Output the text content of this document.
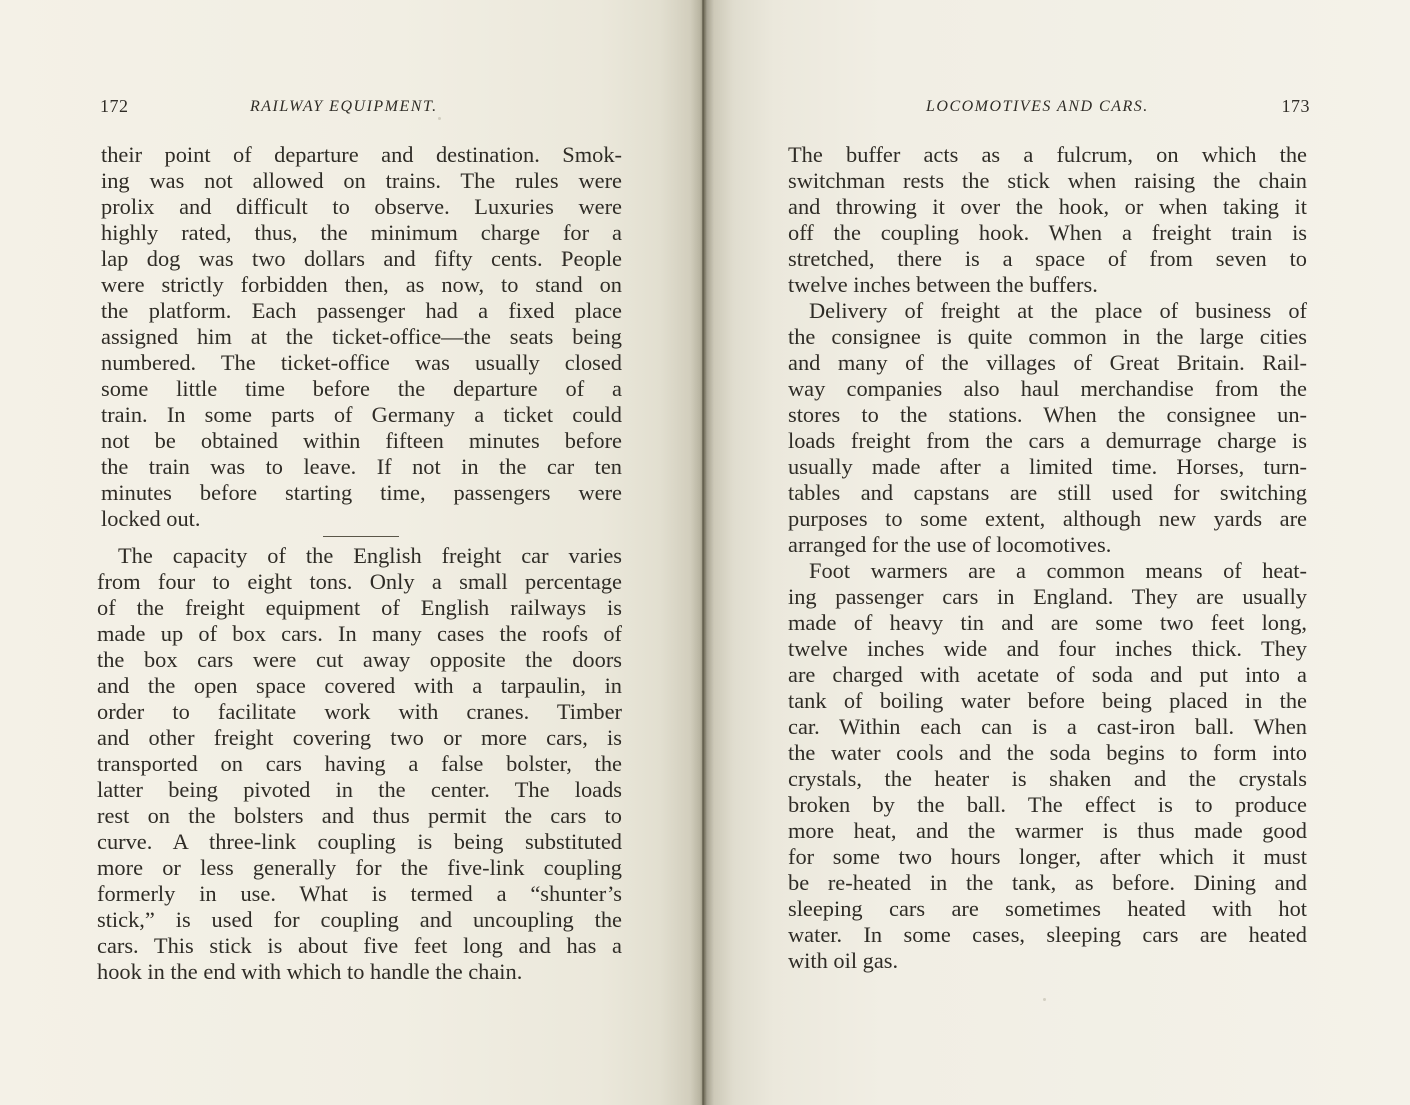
172	RAILWAY EQUIPMENT.	LOCOMOTIVES AND CARS.	173
their point of departure and destination. Smok-
ing was not allowed on trains. The rules were
prolix and difficult to observe. Luxuries were
highly rated, thus, the minimum charge for a
lap dog was two dollars and fifty cents. People
were strictly forbidden then, as now, to stand on
the platform. Each passenger had a fixed place
assigned him at the ticket-office—the seats being
numbered. The ticket-office was usually closed
some little time before the departure of a
train. In some parts of Germany a ticket could
not be obtained within fifteen minutes before
the train was to leave. If not in the car ten
minutes before starting time, passengers were
locked out.
The capacity of the English freight car varies
from four to eight tons. Only a small percentage
of the freight equipment of English railways is
made up of box cars. In many cases the roofs of
the box cars were cut away opposite the doors
and the open space covered with a tarpaulin, in
order to facilitate work with cranes. Timber
and other freight covering two or more cars, is
transported on cars having a false bolster, the
latter being pivoted in the center. The loads
rest on the bolsters and thus permit the cars to
curve. A three-link coupling is being substituted
more or less generally for the five-link coupling
formerly in use. What is termed a “shunter’s
stick,” is used for coupling and uncoupling the
cars. This stick is about five feet long and has a
hook in the end with which to handle the chain.
The buffer acts as a fulcrum, on which the
switchman rests the stick when raising the chain
and throwing it over the hook, or when taking it
off the coupling hook. When a freight train is
stretched, there is a space of from seven to
twelve inches between the buffers.
Delivery of freight at the place of business of
the consignee is quite common in the large cities
and many of the villages of Great Britain. Rail-
way companies also haul merchandise from the
stores to the stations. When the consignee un-
loads freight from the cars a demurrage charge is
usually made after a limited time. Horses, turn-
tables and capstans are still used for switching
purposes to some extent, although new yards are
arranged for the use of locomotives.
Foot warmers are a common means of heat-
ing passenger cars in England. They are usually
made of heavy tin and are some two feet long,
twelve inches wide and four inches thick. They
are charged with acetate of soda and put into a
tank of boiling water before being placed in the
car. Within each can is a cast-iron ball. When
the water cools and the soda begins to form into
crystals, the heater is shaken and the crystals
broken by the ball. The effect is to produce
more heat, and the warmer is thus made good
for some two hours longer, after which it must
be re-heated in the tank, as before. Dining and
sleeping cars are sometimes heated with hot
water. In some cases, sleeping cars are heated
with oil gas.
